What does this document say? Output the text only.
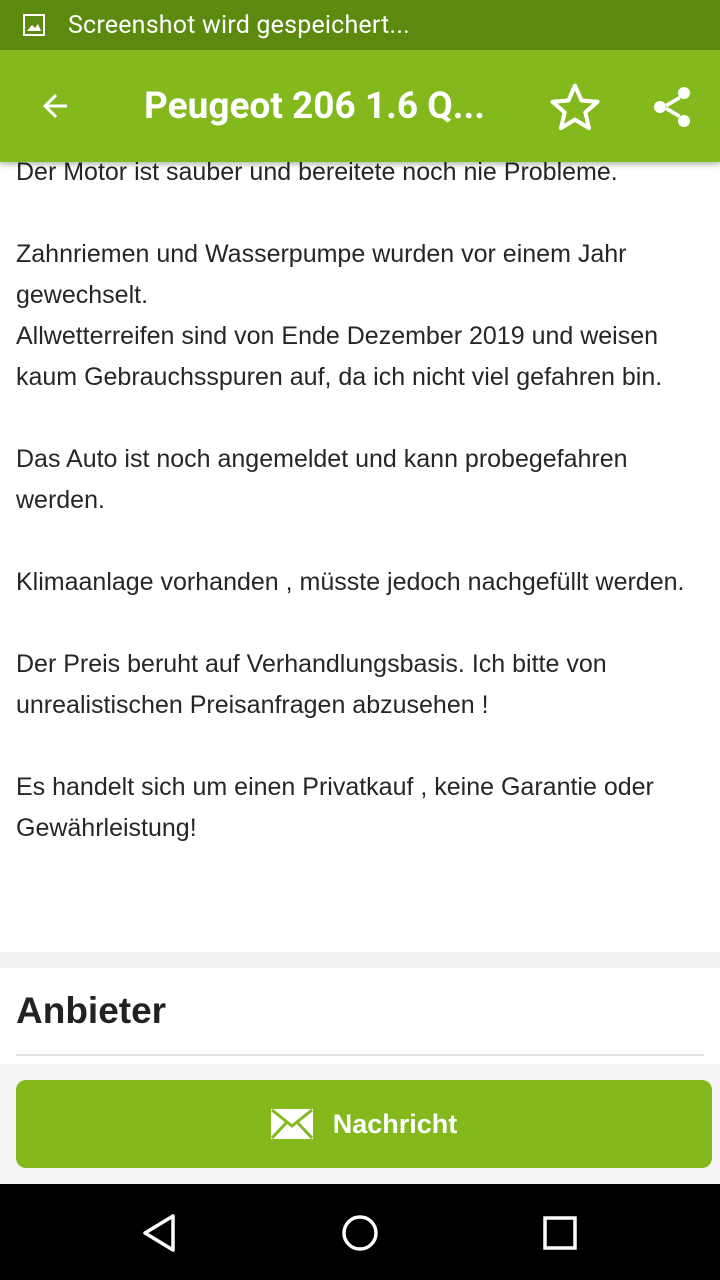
Screenshot wird gespeichert...
Peugeot 206 1.6 Q...

Der Motor ist sauber und bereitete noch nie Probleme.

Zahnriemen und Wasserpumpe wurden vor einem Jahr gewechselt.

Allwetterreifen sind von Ende Dezember 2019 und weisen kaum Gebrauchsspuren auf, da ich nicht viel gefahren bin.

Das Auto ist noch angemeldet und kann probegefahren werden.

Klimaanlage vorhanden , müsste jedoch nachgefüllt werden.

Der Preis beruht auf Verhandlungsbasis. Ich bitte von unrealistischen Preisanfragen abzusehen !

Es handelt sich um einen Privatkauf , keine Garantie oder Gewährleistung!

Anbieter
Nachricht
